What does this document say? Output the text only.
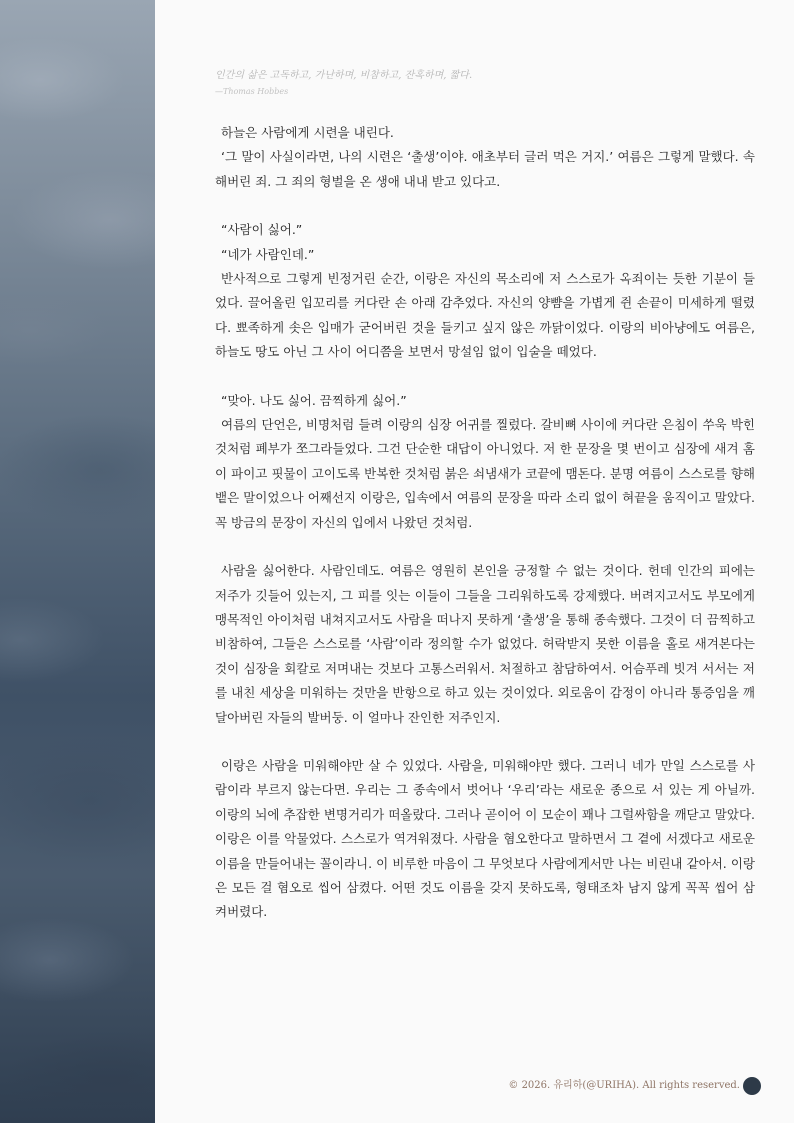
인간의 삶은 고독하고, 가난하며, 비참하고, 잔혹하며, 짧다.
—Thomas Hobbes

하늘은 사람에게 시련을 내린다.

‘그 말이 사실이라면, 나의 시련은 ‘출생’이야. 애초부터 글러 먹은 거지.’ 여름은 그렇게 말했다. 속해버린 죄. 그 죄의 형벌을 온 생애 내내 받고 있다고.

“사람이 싫어.”

“네가 사람인데.”

반사적으로 그렇게 빈정거린 순간, 이랑은 자신의 목소리에 저 스스로가 옥죄이는 듯한 기분이 들었다. 끌어올린 입꼬리를 커다란 손 아래 감추었다. 자신의 양뺨을 가볍게 쥔 손끝이 미세하게 떨렸다. 뾰족하게 솟은 입매가 굳어버린 것을 들키고 싶지 않은 까닭이었다. 이랑의 비아냥에도 여름은, 하늘도 땅도 아닌 그 사이 어디쯤을 보면서 망설임 없이 입술을 떼었다.

“맞아. 나도 싫어. 끔찍하게 싫어.”

여름의 단언은, 비명처럼 들려 이랑의 심장 어귀를 찔렀다. 갈비뼈 사이에 커다란 은침이 쑤욱 박힌 것처럼 폐부가 쪼그라들었다. 그건 단순한 대답이 아니었다. 저 한 문장을 몇 번이고 심장에 새겨 홈이 파이고 핏물이 고이도록 반복한 것처럼 붉은 쇠냄새가 코끝에 맴돈다. 분명 여름이 스스로를 향해 뱉은 말이었으나 어째선지 이랑은, 입속에서 여름의 문장을 따라 소리 없이 혀끝을 움직이고 말았다. 꼭 방금의 문장이 자신의 입에서 나왔던 것처럼.

사람을 싫어한다. 사람인데도. 여름은 영원히 본인을 긍정할 수 없는 것이다. 헌데 인간의 피에는 저주가 깃들어 있는지, 그 피를 잇는 이들이 그들을 그리워하도록 강제했다. 버려지고서도 부모에게 맹목적인 아이처럼 내쳐지고서도 사람을 떠나지 못하게 ‘출생’을 통해 종속했다. 그것이 더 끔찍하고 비참하여, 그들은 스스로를 ‘사람’이라 정의할 수가 없었다. 허락받지 못한 이름을 홀로 새겨본다는 것이 심장을 회칼로 저며내는 것보다 고통스러워서. 처절하고 참담하여서. 어슴푸레 빗겨 서서는 저를 내친 세상을 미워하는 것만을 반항으로 하고 있는 것이었다. 외로움이 감정이 아니라 통증임을 깨달아버린 자들의 발버둥. 이 얼마나 잔인한 저주인지.

이랑은 사람을 미워해야만 살 수 있었다. 사람을, 미워해야만 했다. 그러니 네가 만일 스스로를 사람이라 부르지 않는다면. 우리는 그 종속에서 벗어나 ‘우리’라는 새로운 종으로 서 있는 게 아닐까. 이랑의 뇌에 추잡한 변명거리가 떠올랐다. 그러나 곧이어 이 모순이 꽤나 그럴싸함을 깨닫고 말았다. 이랑은 이를 악물었다. 스스로가 역겨워졌다. 사람을 혐오한다고 말하면서 그 곁에 서겠다고 새로운 이름을 만들어내는 꼴이라니. 이 비루한 마음이 그 무엇보다 사람에게서만 나는 비린내 같아서. 이랑은 모든 걸 혐오로 씹어 삼켰다. 어떤 것도 이름을 갖지 못하도록, 형태조차 남지 않게 꼭꼭 씹어 삼켜버렸다.

© 2026. 유리하(@URIHA). All rights reserved.
